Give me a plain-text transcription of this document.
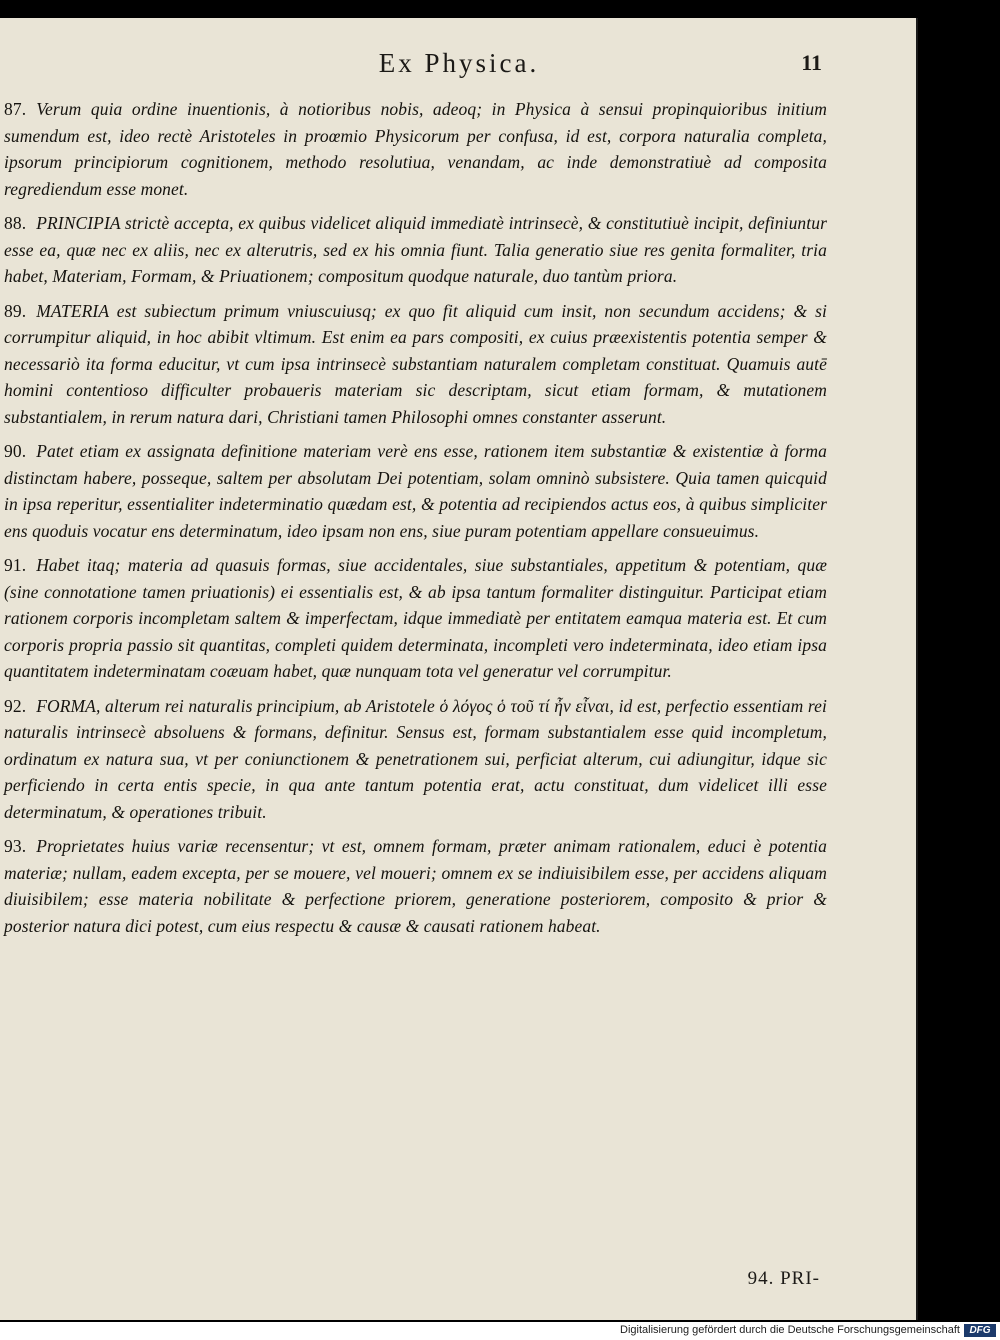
Ex Physica.	11

87. Verum quia ordine inuentionis, à notioribus nobis, adeoq; in Physica à sensui propinquioribus initium sumendum est, ideo rectè Aristoteles in proœmio Physicorum per confusa, id est, corpora naturalia completa, ipsorum principiorum cognitionem, methodo resolutiua, venandam, ac inde demonstratiuè ad composita regrediendum esse monet.

88. PRINCIPIA strictè accepta, ex quibus videlicet aliquid immediatè intrinsecè, & constitutiuè incipit, definiuntur esse ea, quæ nec ex aliis, nec ex alterutris, sed ex his omnia fiunt. Talia generatio siue res genita formaliter, tria habet, Materiam, Formam, & Priuationem; compositum quodque naturale, duo tantùm priora.

89. MATERIA est subiectum primum vniuscuiusq; ex quo fit aliquid cum insit, non secundum accidens; & si corrumpitur aliquid, in hoc abibit vltimum. Est enim ea pars compositi, ex cuius præexistentis potentia semper & necessariò ita forma educitur, vt cum ipsa intrinsecè substantiam naturalem completam constituat. Quamuis autē homini contentioso difficulter probaueris materiam sic descriptam, sicut etiam formam, & mutationem substantialem, in rerum natura dari, Christiani tamen Philosophi omnes constanter asserunt.

90. Patet etiam ex assignata definitione materiam verè ens esse, rationem item substantiæ & existentiæ à forma distinctam habere, posseque, saltem per absolutam Dei potentiam, solam omninò subsistere. Quia tamen quicquid in ipsa reperitur, essentialiter indeterminatio quædam est, & potentia ad recipiendos actus eos, à quibus simpliciter ens quoduis vocatur ens determinatum, ideo ipsam non ens, siue puram potentiam appellare consueuimus.

91. Habet itaq; materia ad quasuis formas, siue accidentales, siue substantiales, appetitum & potentiam, quæ (sine connotatione tamen priuationis) ei essentialis est, & ab ipsa tantum formaliter distinguitur. Participat etiam rationem corporis incompletam saltem & imperfectam, idque immediatè per entitatem eamqua materia est. Et cum corporis propria passio sit quantitas, completi quidem determinata, incompleti vero indeterminata, ideo etiam ipsa quantitatem indeterminatam coæuam habet, quæ nunquam tota vel generatur vel corrumpitur.

92. FORMA, alterum rei naturalis principium, ab Aristotele ὁ λόγος ὁ τοῦ τί ἦν εἶναι, id est, perfectio essentiam rei naturalis intrinsecè absoluens & formans, definitur. Sensus est, formam substantialem esse quid incompletum, ordinatum ex natura sua, vt per coniunctionem & penetrationem sui, perficiat alterum, cui adiungitur, idque sic perficiendo in certa entis specie, in qua ante tantum potentia erat, actu constituat, dum videlicet illi esse determinatum, & operationes tribuit.

93. Proprietates huius variæ recensentur; vt est, omnem formam, præter animam rationalem, educi è potentia materiæ; nullam, eadem excepta, per se mouere, vel moueri; omnem ex se indiuisibilem esse, per accidens aliquam diuisibilem; esse materia nobilitate & perfectione priorem, generatione posteriorem, composito & prior & posterior natura dici potest, cum eius respectu & causæ & causati rationem habeat.

94. PRI-
Digitalisierung gefördert durch die Deutsche Forschungsgemeinschaft DFG
